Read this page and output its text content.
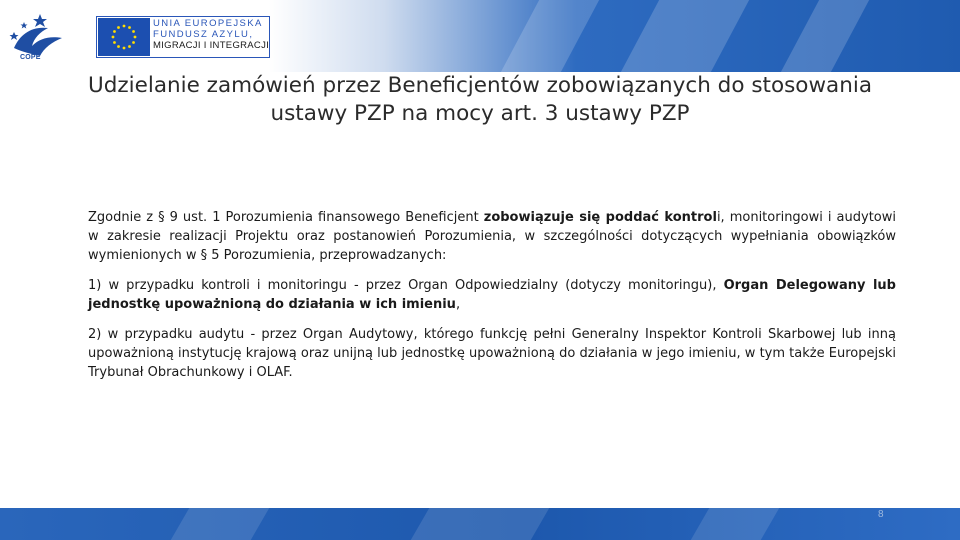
COPE
UNIA EUROPEJSKA
FUNDUSZ AZYLU,
MIGRACJI I INTEGRACJI
Udzielanie zamówień przez Beneficjentów zobowiązanych do stosowania ustawy PZP na mocy art. 3 ustawy PZP

Zgodnie z § 9 ust. 1 Porozumienia finansowego Beneficjent zobowiązuje się poddać kontroli, monitoringowi i audytowi w zakresie realizacji Projektu oraz postanowień Porozumienia, w szczególności dotyczących wypełniania obowiązków wymienionych w § 5 Porozumienia, przeprowadzanych:

1) w przypadku kontroli i monitoringu - przez Organ Odpowiedzialny (dotyczy monitoringu), Organ Delegowany lub jednostkę upoważnioną do działania w ich imieniu,

2) w przypadku audytu - przez Organ Audytowy, którego funkcję pełni Generalny Inspektor Kontroli Skarbowej lub inną upoważnioną instytucję krajową oraz unijną lub jednostkę upoważnioną do działania w jego imieniu, w tym także Europejski Trybunał Obrachunkowy i OLAF.

8
